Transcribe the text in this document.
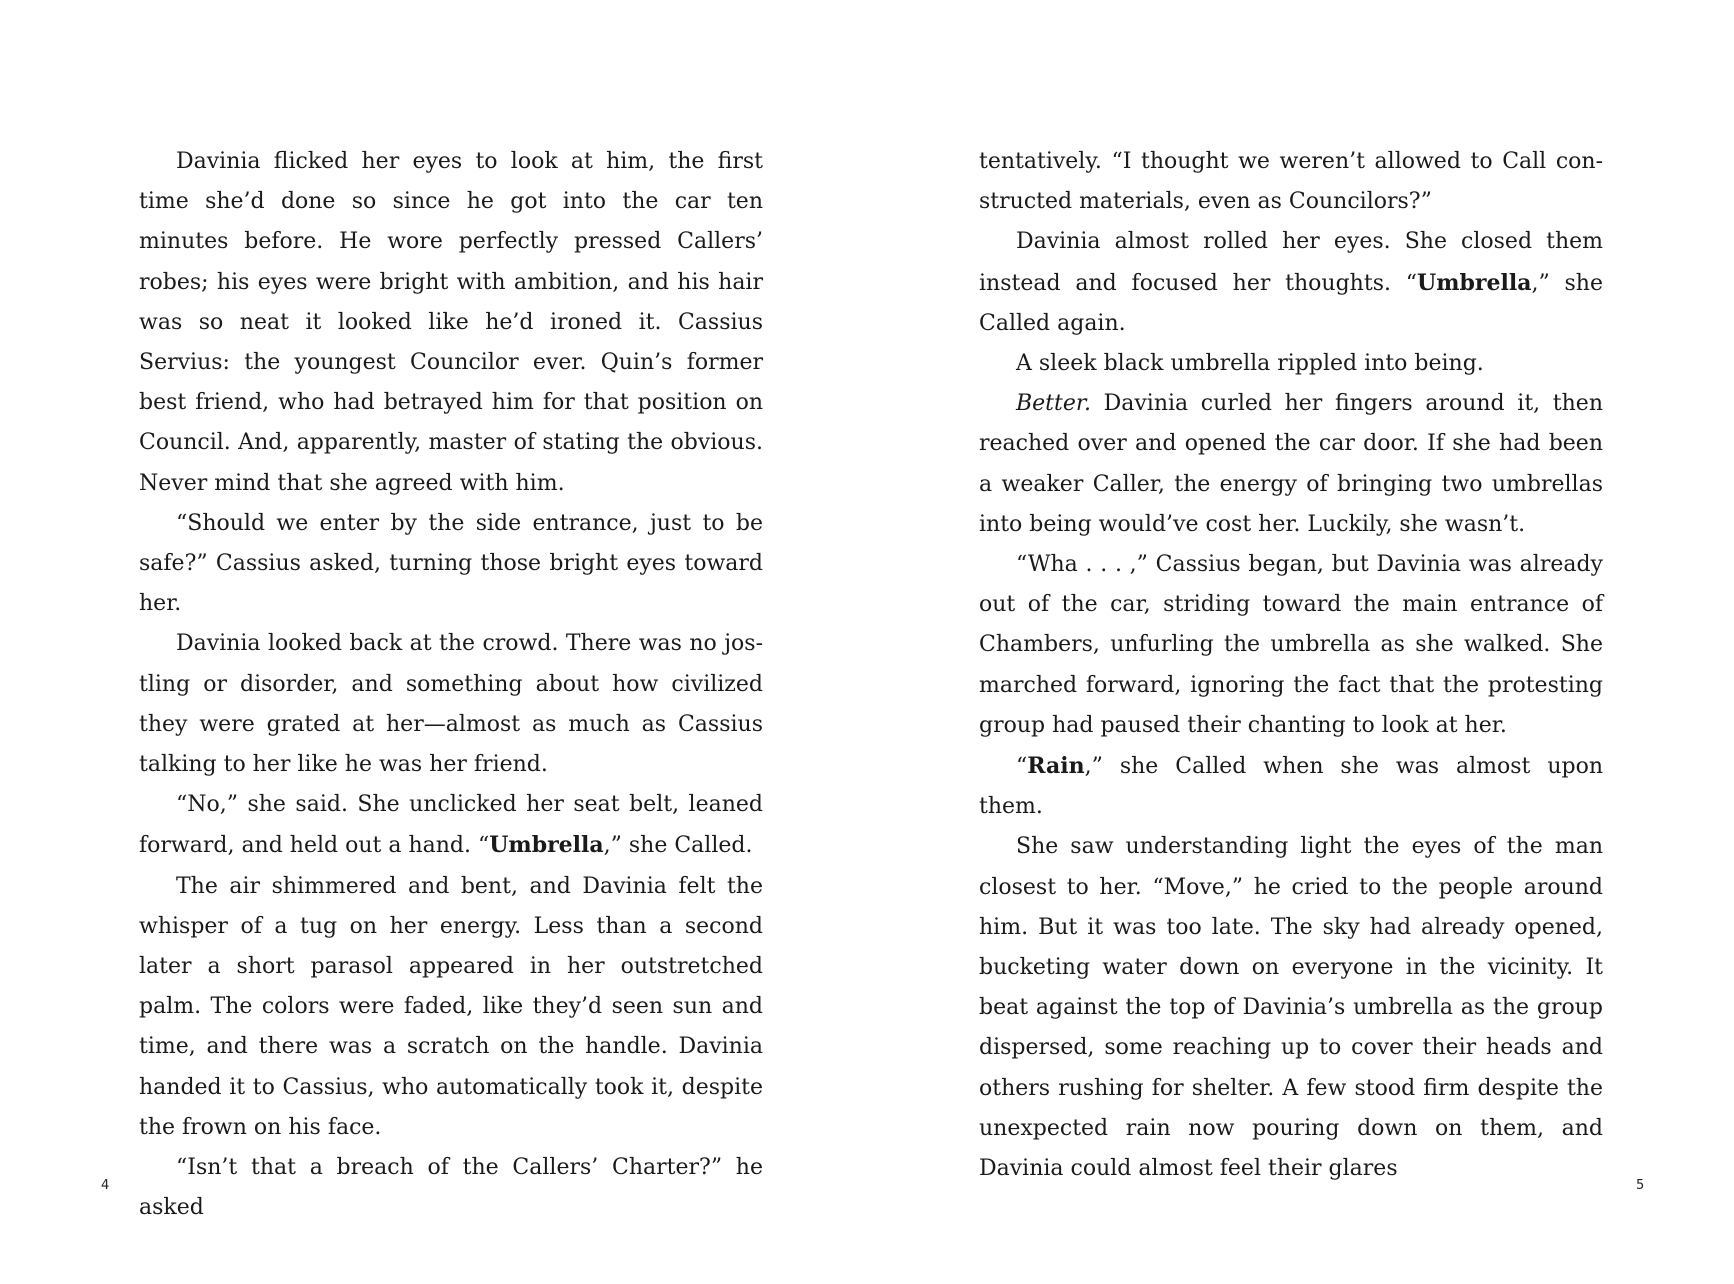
Davinia flicked her eyes to look at him, the first time she’d done so since he got into the car ten minutes before. He wore perfectly pressed Callers’ robes; his eyes were bright with ambition, and his hair was so neat it looked like he’d ironed it. Cassius Servius: the youngest Councilor ever. Quin’s former best friend, who had betrayed him for that position on Council. And, apparently, master of stating the obvious. Never mind that she agreed with him.

“Should we enter by the side entrance, just to be safe?” Cassius asked, turning those bright eyes toward her.

Davinia looked back at the crowd. There was no jostling or disorder, and something about how civilized they were grated at her—almost as much as Cassius talking to her like he was her friend.

“No,” she said. She unclicked her seat belt, leaned forward, and held out a hand. “Umbrella,” she Called.

The air shimmered and bent, and Davinia felt the whisper of a tug on her energy. Less than a second later a short parasol appeared in her outstretched palm. The colors were faded, like they’d seen sun and time, and there was a scratch on the handle. Davinia handed it to Cassius, who automatically took it, despite the frown on his face.

“Isn’t that a breach of the Callers’ Charter?” he asked

4

tentatively. “I thought we weren’t allowed to Call constructed materials, even as Councilors?”

Davinia almost rolled her eyes. She closed them instead and focused her thoughts. “Umbrella,” she Called again.

A sleek black umbrella rippled into being.

Better. Davinia curled her fingers around it, then reached over and opened the car door. If she had been a weaker Caller, the energy of bringing two umbrellas into being would’ve cost her. Luckily, she wasn’t.

“Wha . . . ,” Cassius began, but Davinia was already out of the car, striding toward the main entrance of Chambers, unfurling the umbrella as she walked. She marched forward, ignoring the fact that the protesting group had paused their chanting to look at her.

“Rain,” she Called when she was almost upon them.

She saw understanding light the eyes of the man closest to her. “Move,” he cried to the people around him. But it was too late. The sky had already opened, bucketing water down on everyone in the vicinity. It beat against the top of Davinia’s umbrella as the group dispersed, some reaching up to cover their heads and others rushing for shelter. A few stood firm despite the unexpected rain now pouring down on them, and Davinia could almost feel their glares

5
